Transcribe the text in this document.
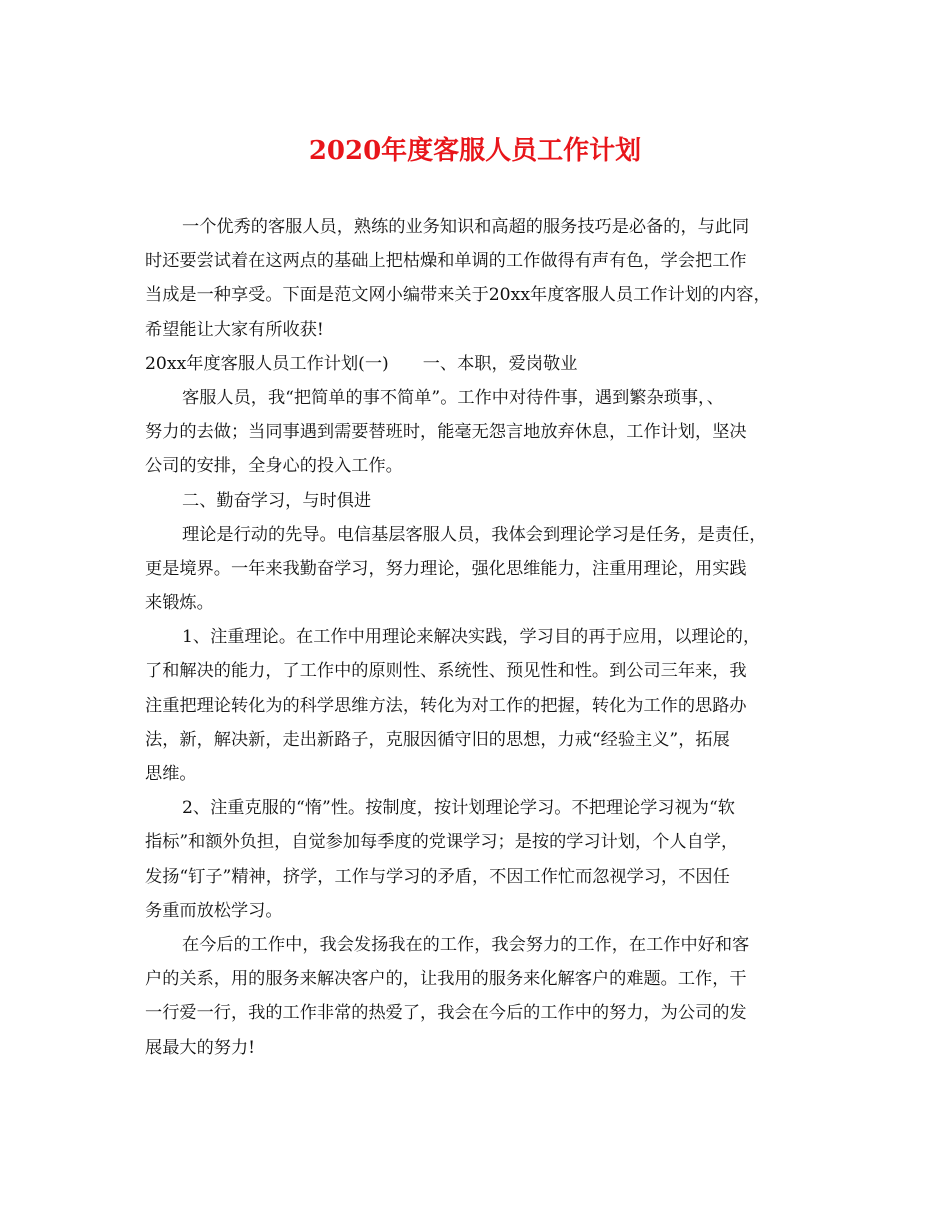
2020年度客服人员工作计划
一个优秀的客服人员，熟练的业务知识和高超的服务技巧是必备的，与此同
时还要尝试着在这两点的基础上把枯燥和单调的工作做得有声有色，学会把工作
当成是一种享受。下面是范文网小编带来关于20xx年度客服人员工作计划的内容，
希望能让大家有所收获!
20xx年度客服人员工作计划(一) 一、本职，爱岗敬业
客服人员，我“把简单的事不简单”。工作中对待件事，遇到繁杂琐事，、
努力的去做；当同事遇到需要替班时，能毫无怨言地放弃休息，工作计划，坚决
公司的安排，全身心的投入工作。
二、勤奋学习，与时俱进
理论是行动的先导。电信基层客服人员，我体会到理论学习是任务，是责任，
更是境界。一年来我勤奋学习，努力理论，强化思维能力，注重用理论，用实践
来锻炼。
1、注重理论。在工作中用理论来解决实践，学习目的再于应用，以理论的，
了和解决的能力，了工作中的原则性、系统性、预见性和性。到公司三年来，我
注重把理论转化为的科学思维方法，转化为对工作的把握，转化为工作的思路办
法，新，解决新，走出新路子，克服因循守旧的思想，力戒“经验主义”，拓展
思维。
2、注重克服的“惰”性。按制度，按计划理论学习。不把理论学习视为“软
指标”和额外负担，自觉参加每季度的党课学习；是按的学习计划，个人自学，
发扬“钉子”精神，挤学，工作与学习的矛盾，不因工作忙而忽视学习，不因任
务重而放松学习。
在今后的工作中，我会发扬我在的工作，我会努力的工作，在工作中好和客
户的关系，用的服务来解决客户的，让我用的服务来化解客户的难题。工作，干
一行爱一行，我的工作非常的热爱了，我会在今后的工作中的努力，为公司的发
展最大的努力!
